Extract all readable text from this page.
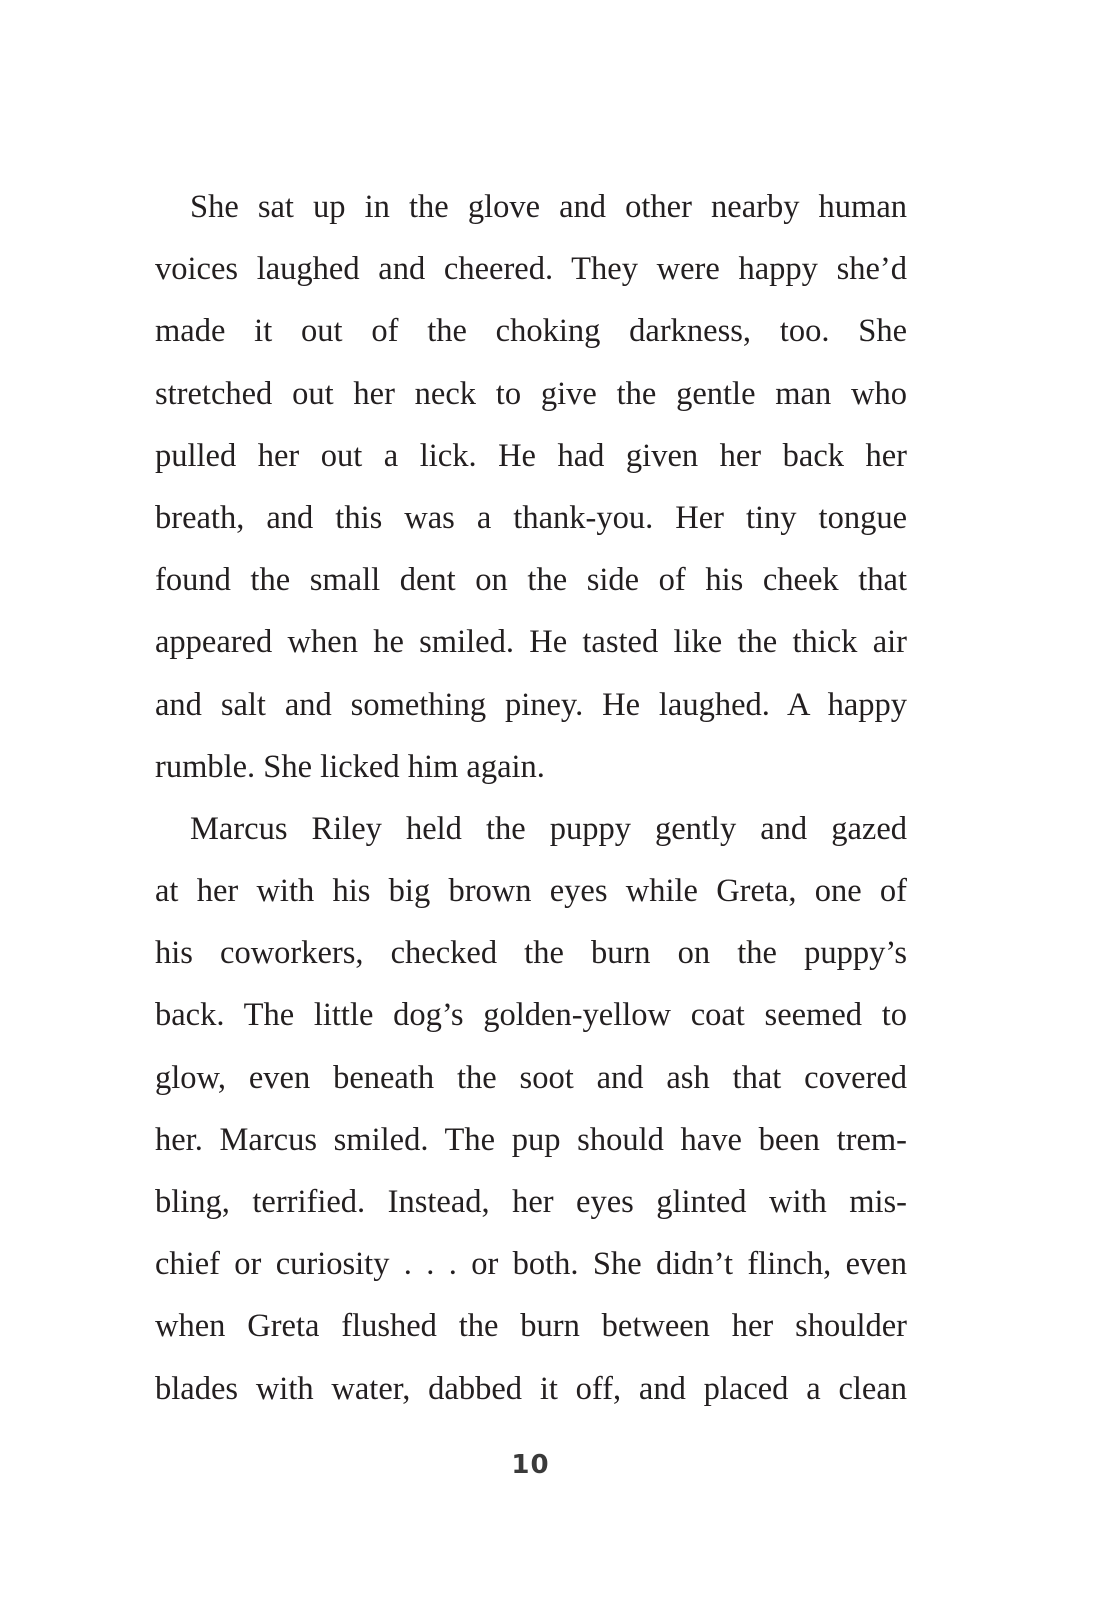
She sat up in the glove and other nearby human
voices laughed and cheered. They were happy she’d
made it out of the choking darkness, too. She
stretched out her neck to give the gentle man who
pulled her out a lick. He had given her back her
breath, and this was a thank-you. Her tiny tongue
found the small dent on the side of his cheek that
appeared when he smiled. He tasted like the thick air
and salt and something piney. He laughed. A happy
rumble. She licked him again.
Marcus Riley held the puppy gently and gazed
at her with his big brown eyes while Greta, one of
his coworkers, checked the burn on the puppy’s
back. The little dog’s golden-yellow coat seemed to
glow, even beneath the soot and ash that covered
her. Marcus smiled. The pup should have been trem-
bling, terrified. Instead, her eyes glinted with mis-
chief or curiosity . . . or both. She didn’t flinch, even
when Greta flushed the burn between her shoulder
blades with water, dabbed it off, and placed a clean
10
